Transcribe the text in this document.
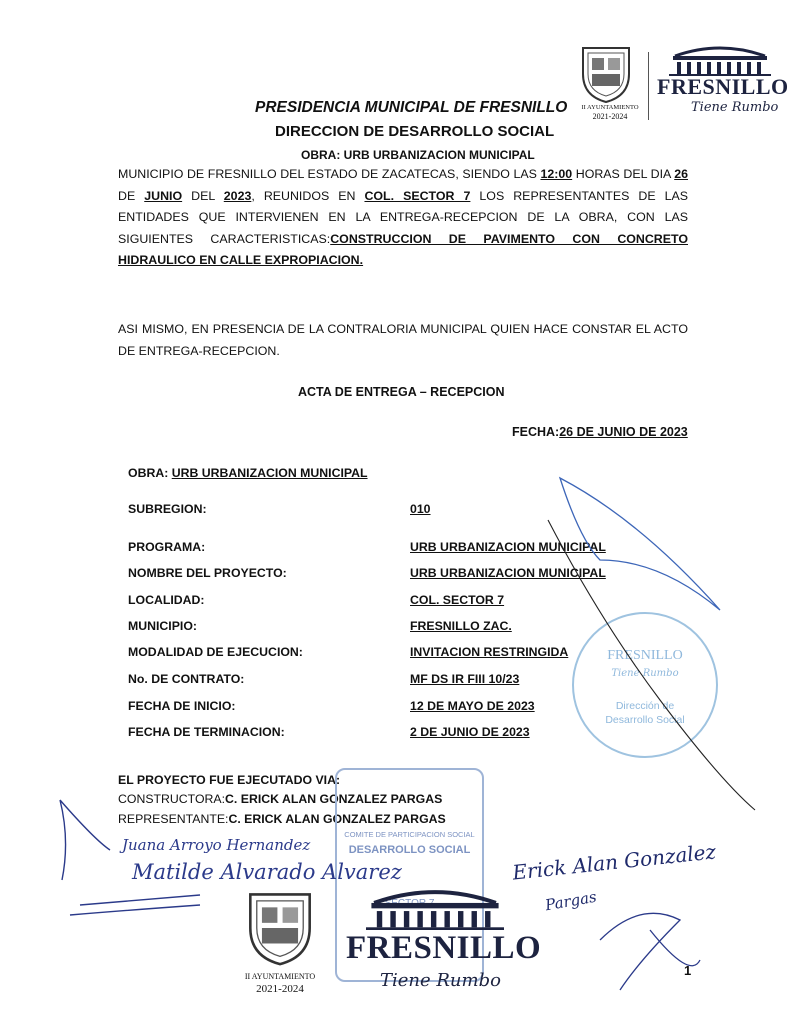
II AYUNTAMIENTO
2021-2024
FRESNILLO
Tiene Rumbo
PRESIDENCIA MUNICIPAL DE FRESNILLO
DIRECCION DE DESARROLLO SOCIAL
OBRA: URB URBANIZACION MUNICIPAL
MUNICIPIO DE FRESNILLO DEL ESTADO DE ZACATECAS, SIENDO LAS 12:00 HORAS DEL DIA 26 DE JUNIO DEL 2023, REUNIDOS EN COL. SECTOR 7 LOS REPRESENTANTES DE LAS ENTIDADES QUE INTERVIENEN EN LA ENTREGA-RECEPCION DE LA OBRA, CON LAS SIGUIENTES CARACTERISTICAS:CONSTRUCCION DE PAVIMENTO CON CONCRETO HIDRAULICO EN CALLE EXPROPIACION.
ASI MISMO, EN PRESENCIA DE LA CONTRALORIA MUNICIPAL QUIEN HACE CONSTAR EL ACTO DE ENTREGA-RECEPCION.
ACTA DE ENTREGA – RECEPCION
FECHA:26 DE JUNIO DE 2023
OBRA: URB URBANIZACION MUNICIPAL
SUBREGION:	010
PROGRAMA:	URB URBANIZACION MUNICIPAL
NOMBRE DEL PROYECTO:	URB URBANIZACION MUNICIPAL
LOCALIDAD:	COL. SECTOR 7
MUNICIPIO:	FRESNILLO ZAC.
MODALIDAD DE EJECUCION:	INVITACION RESTRINGIDA
No. DE CONTRATO:	MF DS IR FIII 10/23
FECHA DE INICIO:	12 DE MAYO DE 2023
FECHA DE TERMINACION:	2 DE JUNIO DE 2023
FRESNILLO
Tiene Rumbo
Dirección de
Desarrollo Social
EL PROYECTO FUE EJECUTADO VIA:
CONSTRUCTORA:C. ERICK ALAN GONZALEZ PARGAS
REPRESENTANTE:C. ERICK ALAN GONZALEZ PARGAS
COMITE DE PARTICIPACION SOCIAL
DESARROLLO SOCIAL
Juana Arroyo Hernandez
Matilde Alvarado Alvarez	Erick Alan Gonzalez
Pargas
II AYUNTAMIENTO
2021-2024
FRESNILLO
Tiene Rumbo	1
